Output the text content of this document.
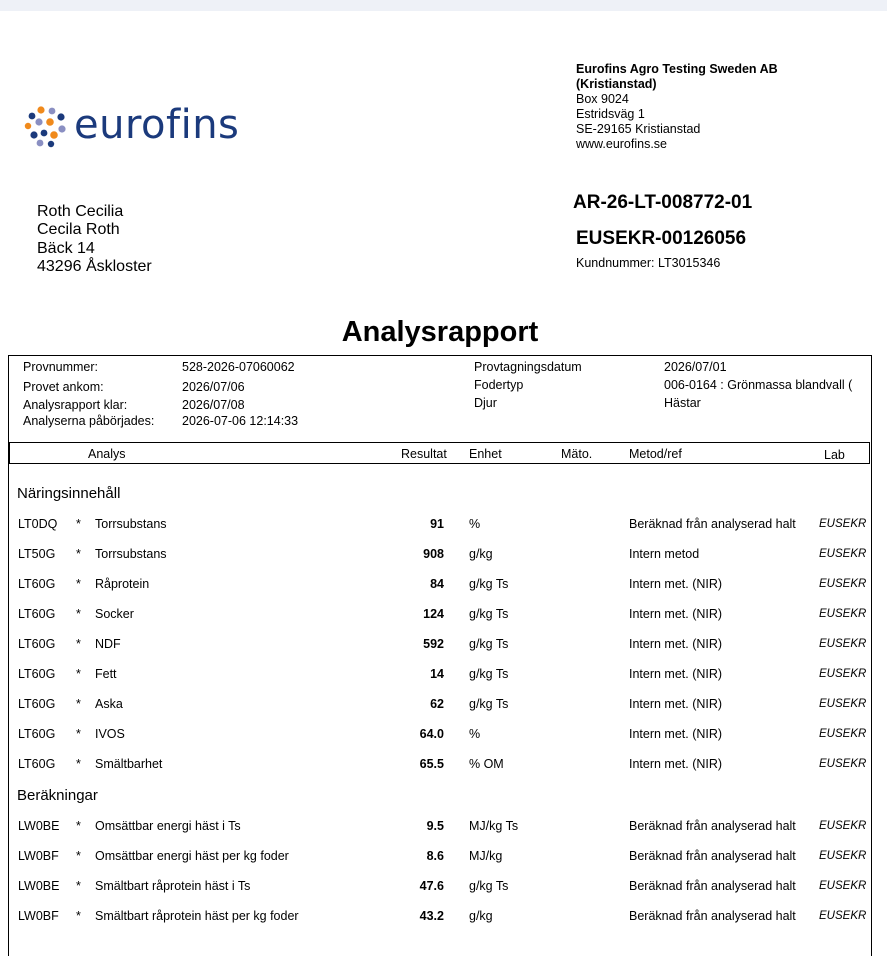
eurofins
Eurofins Agro Testing Sweden AB
(Kristianstad)
Box 9024
Estridsväg 1
SE-29165 Kristianstad
www.eurofins.se
Roth Cecilia
Cecila Roth
Bäck 14
43296 Åskloster
AR-26-LT-008772-01
EUSEKR-00126056
Kundnummer: LT3015346
Analysrapport
Provnummer:	528-2026-07060062
Provet ankom:	2026/07/06
Analysrapport klar:	2026/07/08
Analyserna påbörjades: 2026-07-06 12:14:33
Provtagningsdatum	2026/07/01
Fodertyp	006-0164 : Grönmassa blandvall (
Djur	Hästar
Analys	Resultat Enhet	Mäto.	Metod/ref	Lab
Näringsinnehåll
LT0DQ * Torrsubstans	91 %	Beräknad från analyserad halt EUSEKR
LT50G * Torrsubstans	908 g/kg	Intern metod	EUSEKR
LT60G * Råprotein	84 g/kg Ts	Intern met. (NIR)	EUSEKR
LT60G * Socker	124 g/kg Ts	Intern met. (NIR)	EUSEKR
LT60G * NDF	592 g/kg Ts	Intern met. (NIR)	EUSEKR
LT60G * Fett	14 g/kg Ts	Intern met. (NIR)	EUSEKR
LT60G * Aska	62 g/kg Ts	Intern met. (NIR)	EUSEKR
LT60G * IVOS	64.0 %	Intern met. (NIR)	EUSEKR
LT60G * Smältbarhet	65.5 % OM	Intern met. (NIR)	EUSEKR
Beräkningar
LW0BE * Omsättbar energi häst i Ts	9.5 MJ/kg Ts	Beräknad från analyserad halt EUSEKR
LW0BF * Omsättbar energi häst per kg foder	8.6 MJ/kg	Beräknad från analyserad halt EUSEKR
LW0BE * Smältbart råprotein häst i Ts	47.6 g/kg Ts	Beräknad från analyserad halt EUSEKR
LW0BF * Smältbart råprotein häst per kg foder	43.2 g/kg	Beräknad från analyserad halt EUSEKR
